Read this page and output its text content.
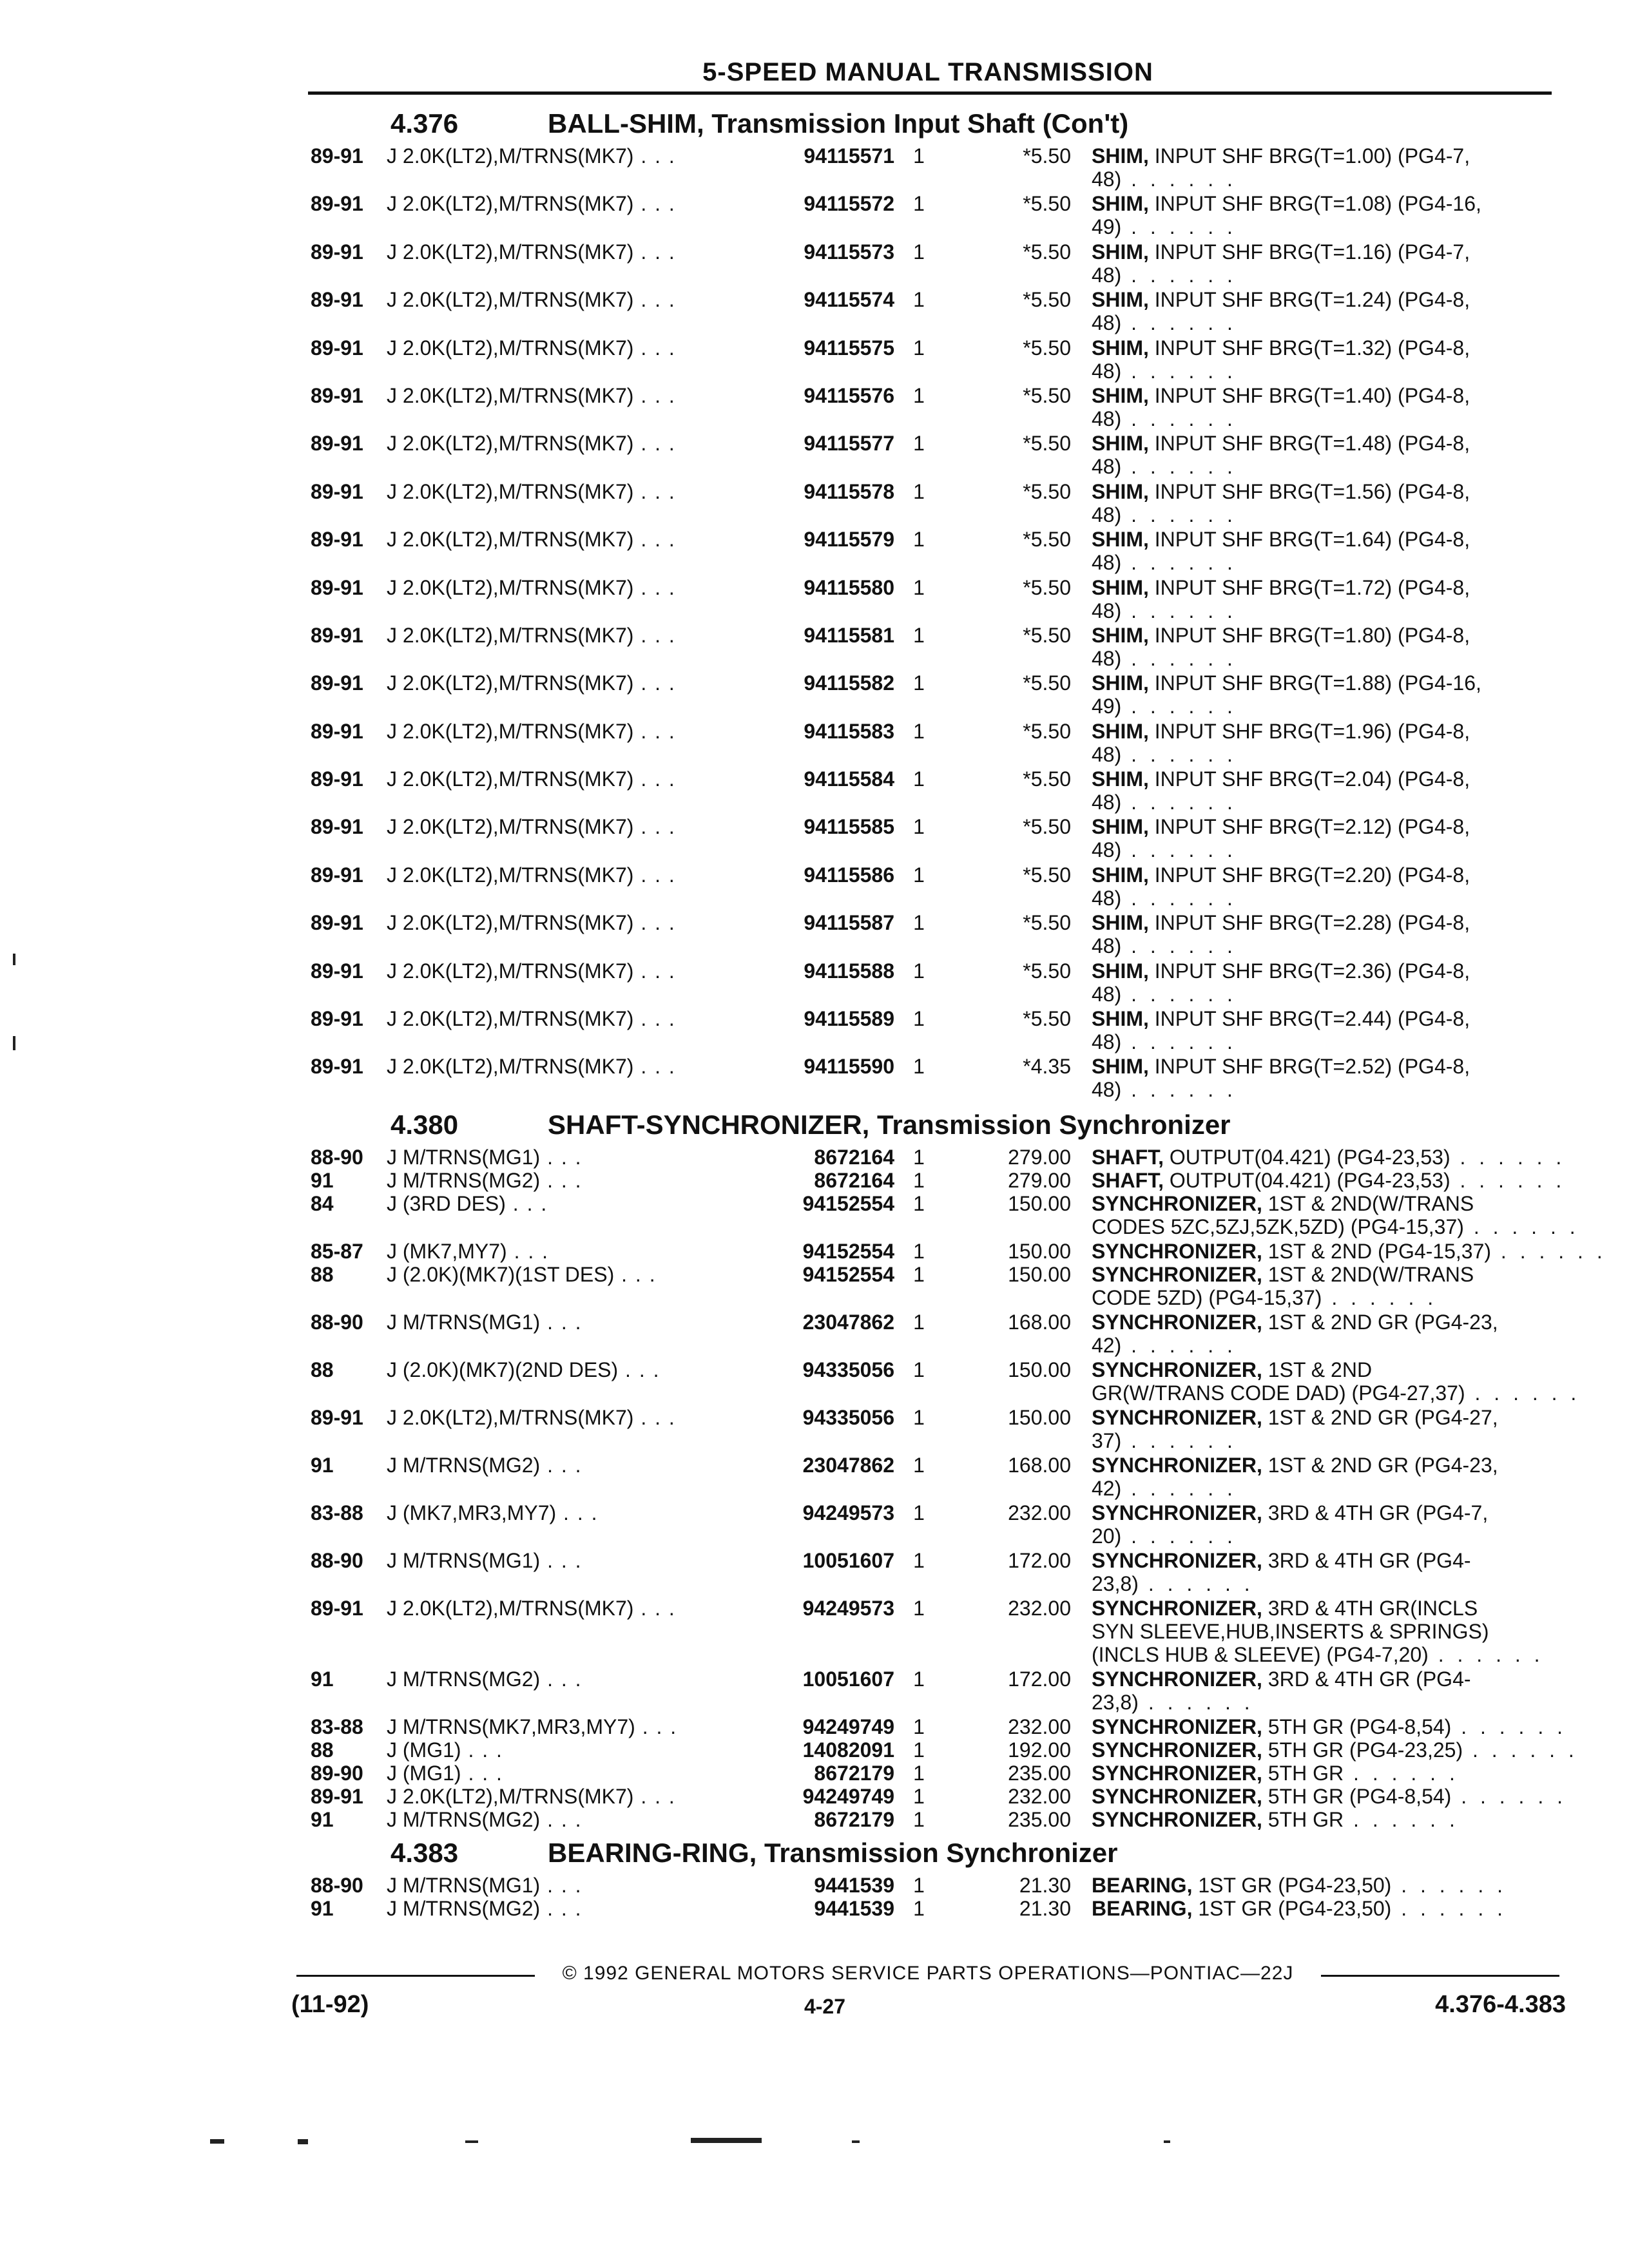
5-SPEED MANUAL TRANSMISSION
4.376	BALL-SHIM, Transmission Input Shaft (Con't)
89-91 J 2.0K(LT2),M/TRNS(MK7) . . .	94115571 1	*5.50 SHIM, INPUT SHF BRG(T=1.00) (PG4-7,
48) . . . . . .
89-91 J 2.0K(LT2),M/TRNS(MK7) . . .	94115572 1	*5.50 SHIM, INPUT SHF BRG(T=1.08) (PG4-16,
49) . . . . . .
89-91 J 2.0K(LT2),M/TRNS(MK7) . . .	94115573 1	*5.50 SHIM, INPUT SHF BRG(T=1.16) (PG4-7,
48) . . . . . .
89-91 J 2.0K(LT2),M/TRNS(MK7) . . .	94115574 1	*5.50 SHIM, INPUT SHF BRG(T=1.24) (PG4-8,
48) . . . . . .
89-91 J 2.0K(LT2),M/TRNS(MK7) . . .	94115575 1	*5.50 SHIM, INPUT SHF BRG(T=1.32) (PG4-8,
48) . . . . . .
89-91 J 2.0K(LT2),M/TRNS(MK7) . . .	94115576 1	*5.50 SHIM, INPUT SHF BRG(T=1.40) (PG4-8,
48) . . . . . .
89-91 J 2.0K(LT2),M/TRNS(MK7) . . .	94115577 1	*5.50 SHIM, INPUT SHF BRG(T=1.48) (PG4-8,
48) . . . . . .
89-91 J 2.0K(LT2),M/TRNS(MK7) . . .	94115578 1	*5.50 SHIM, INPUT SHF BRG(T=1.56) (PG4-8,
48) . . . . . .
89-91 J 2.0K(LT2),M/TRNS(MK7) . . .	94115579 1	*5.50 SHIM, INPUT SHF BRG(T=1.64) (PG4-8,
48) . . . . . .
89-91 J 2.0K(LT2),M/TRNS(MK7) . . .	94115580 1	*5.50 SHIM, INPUT SHF BRG(T=1.72) (PG4-8,
48) . . . . . .
89-91 J 2.0K(LT2),M/TRNS(MK7) . . .	94115581 1	*5.50 SHIM, INPUT SHF BRG(T=1.80) (PG4-8,
48) . . . . . .
89-91 J 2.0K(LT2),M/TRNS(MK7) . . .	94115582 1	*5.50 SHIM, INPUT SHF BRG(T=1.88) (PG4-16,
49) . . . . . .
89-91 J 2.0K(LT2),M/TRNS(MK7) . . .	94115583 1	*5.50 SHIM, INPUT SHF BRG(T=1.96) (PG4-8,
48) . . . . . .
89-91 J 2.0K(LT2),M/TRNS(MK7) . . .	94115584 1	*5.50 SHIM, INPUT SHF BRG(T=2.04) (PG4-8,
48) . . . . . .
89-91 J 2.0K(LT2),M/TRNS(MK7) . . .	94115585 1	*5.50 SHIM, INPUT SHF BRG(T=2.12) (PG4-8,
48) . . . . . .
89-91 J 2.0K(LT2),M/TRNS(MK7) . . .	94115586 1	*5.50 SHIM, INPUT SHF BRG(T=2.20) (PG4-8,
48) . . . . . .
89-91 J 2.0K(LT2),M/TRNS(MK7) . . .	94115587 1	*5.50 SHIM, INPUT SHF BRG(T=2.28) (PG4-8,
48) . . . . . .
89-91 J 2.0K(LT2),M/TRNS(MK7) . . .	94115588 1	*5.50 SHIM, INPUT SHF BRG(T=2.36) (PG4-8,
48) . . . . . .
89-91 J 2.0K(LT2),M/TRNS(MK7) . . .	94115589 1	*5.50 SHIM, INPUT SHF BRG(T=2.44) (PG4-8,
48) . . . . . .
89-91 J 2.0K(LT2),M/TRNS(MK7) . . .	94115590 1	*4.35 SHIM, INPUT SHF BRG(T=2.52) (PG4-8,
48) . . . . . .
4.380	SHAFT-SYNCHRONIZER, Transmission Synchronizer
88-90 J M/TRNS(MG1) . . .	8672164 1	279.00 SHAFT, OUTPUT(04.421) (PG4-23,53) . . . . . .
91	J M/TRNS(MG2) . . .	8672164 1	279.00 SHAFT, OUTPUT(04.421) (PG4-23,53) . . . . . .
84	J (3RD DES) . . .	94152554 1	150.00 SYNCHRONIZER, 1ST & 2ND(W/TRANS
CODES 5ZC,5ZJ,5ZK,5ZD) (PG4-15,37) . . . . . .
85-87 J (MK7,MY7) . . .	94152554 1	150.00 SYNCHRONIZER, 1ST & 2ND (PG4-15,37) . . . . . .
88	J (2.0K)(MK7)(1ST DES) . . .	94152554 1	150.00 SYNCHRONIZER, 1ST & 2ND(W/TRANS
CODE 5ZD) (PG4-15,37) . . . . . .
88-90 J M/TRNS(MG1) . . .	23047862 1	168.00 SYNCHRONIZER, 1ST & 2ND GR (PG4-23,
42) . . . . . .
88	J (2.0K)(MK7)(2ND DES) . . .	94335056 1	150.00 SYNCHRONIZER, 1ST & 2ND
GR(W/TRANS CODE DAD) (PG4-27,37) . . . . . .
89-91 J 2.0K(LT2),M/TRNS(MK7) . . .	94335056 1	150.00 SYNCHRONIZER, 1ST & 2ND GR (PG4-27,
37) . . . . . .
91	J M/TRNS(MG2) . . .	23047862 1	168.00 SYNCHRONIZER, 1ST & 2ND GR (PG4-23,
42) . . . . . .
83-88 J (MK7,MR3,MY7) . . .	94249573 1	232.00 SYNCHRONIZER, 3RD & 4TH GR (PG4-7,
20) . . . . . .
88-90 J M/TRNS(MG1) . . .	10051607 1	172.00 SYNCHRONIZER, 3RD & 4TH GR (PG4-
23,8) . . . . . .
89-91 J 2.0K(LT2),M/TRNS(MK7) . . .	94249573 1	232.00 SYNCHRONIZER, 3RD & 4TH GR(INCLS
SYN SLEEVE,HUB,INSERTS & SPRINGS)
(INCLS HUB & SLEEVE) (PG4-7,20) . . . . . .
91	J M/TRNS(MG2) . . .	10051607 1	172.00 SYNCHRONIZER, 3RD & 4TH GR (PG4-
23,8) . . . . . .
83-88 J M/TRNS(MK7,MR3,MY7) . . .	94249749 1	232.00 SYNCHRONIZER, 5TH GR (PG4-8,54) . . . . . .
88	J (MG1) . . .	14082091 1	192.00 SYNCHRONIZER, 5TH GR (PG4-23,25) . . . . . .
89-90 J (MG1) . . .	8672179 1	235.00 SYNCHRONIZER, 5TH GR . . . . . .
89-91 J 2.0K(LT2),M/TRNS(MK7) . . .	94249749 1	232.00 SYNCHRONIZER, 5TH GR (PG4-8,54) . . . . . .
91	J M/TRNS(MG2) . . .	8672179 1	235.00 SYNCHRONIZER, 5TH GR . . . . . .
4.383	BEARING-RING, Transmission Synchronizer
88-90 J M/TRNS(MG1) . . .	9441539 1	21.30 BEARING, 1ST GR (PG4-23,50) . . . . . .
91	J M/TRNS(MG2) . . .	9441539 1	21.30 BEARING, 1ST GR (PG4-23,50) . . . . . .
© 1992 GENERAL MOTORS SERVICE PARTS OPERATIONS—PONTIAC—22J
(11-92)	4-27	4.376-4.383
